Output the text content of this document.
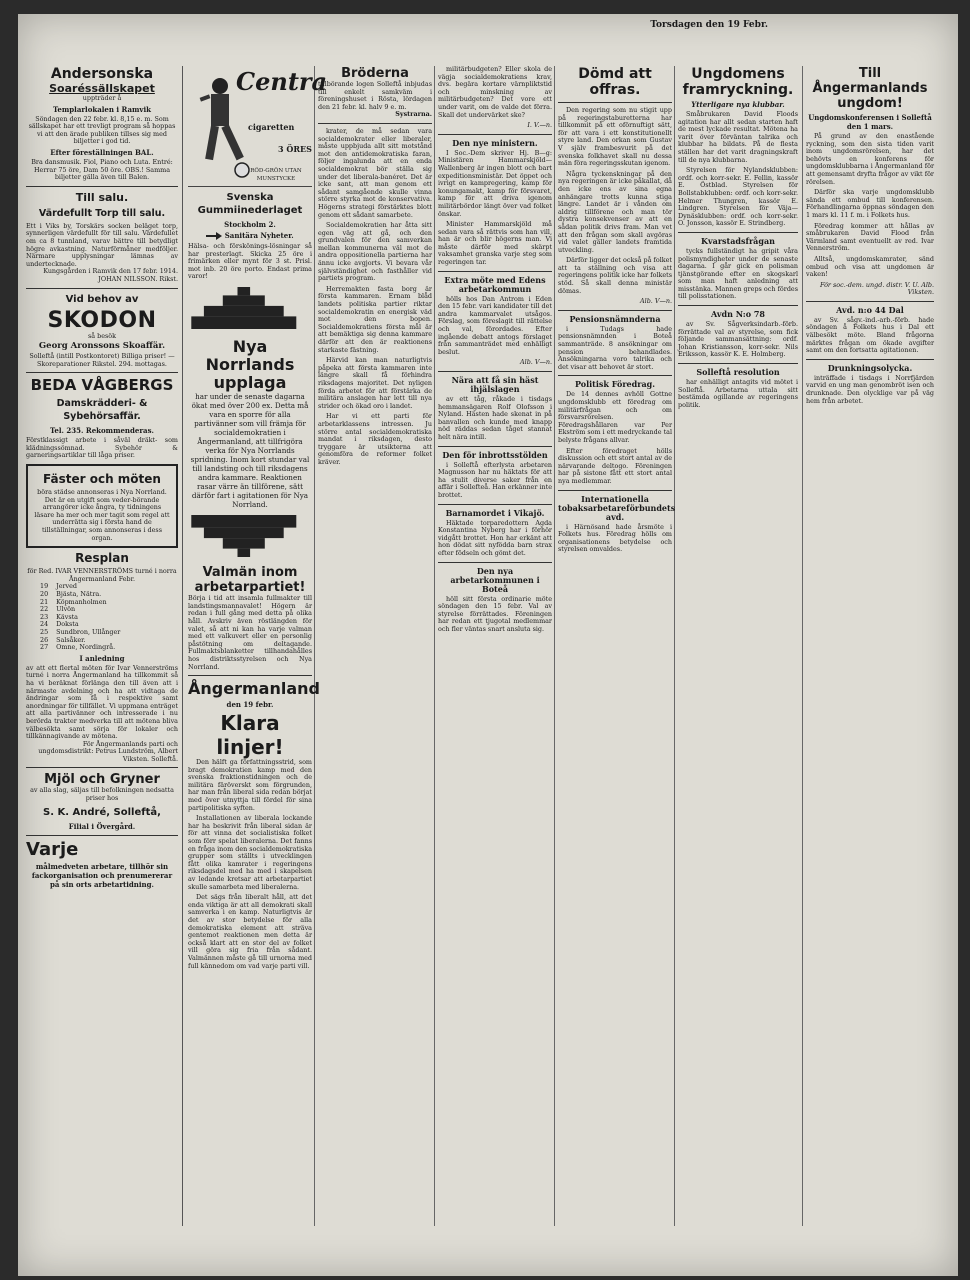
Torsdagen den 19 Febr.
Andersonska
Soaréssällskapet
uppträder å
Templarlokalen i Ramvik
Söndagen den 22 febr. kl. 8,15 e. m. Som sällskapet har ett trevligt program så hoppas vi att den ärade publiken tillses sig med biljetter i god tid.
Efter föreställningen BAL.
Bra dansmusik. Fiol, Piano och Luta. Entré: Herrar 75 öre, Dam 50 öre. OBS.! Samma biljetter gälla även till Balen.
Till salu.
Värdefullt Torp till salu.
Ett i Viks by, Torskärs socken beläget torp, synnerligen värdefullt för till salu. Värdefullet om ca 8 tunnland, varav bättre till betydligt högre avkastning. Naturförmåner medföljer. Närmare upplysningar lämnas av undertecknade.
Kungsgården i Ramvik den 17 febr. 1914. JOHAN NILSSON. Rikst.
Vid behov av
SKODON
så besök
Georg Aronssons Skoaffär.
Solleftå (intill Postkontoret) Billiga priser! — Skoreparationer Rikstel. 294. mottagas.
BEDA VÅGBERGS
Damskrädderi- & Sybehörsaffär.
Tel. 235. Rekommenderas.
Förstklassigt arbete i såväl dräkt- som klädningssömnad. Sybehör & garneringsartiklar till låga priser.
Fäster och möten
böra städse annonseras i Nya Norrland. Det är en utgift som veder-börande arrangörer icke ångra, ty tidningens läsare ha mer och mer tagit som regel att underrätta sig i första hand de tillställningar, som annonseras i dess organ.
Resplan
för Red. IVAR VENNERSTRÖMS turné i norra Ångermanland Febr.
19 Jerved
20 Bjästa, Nätra.
21 Köpmanholmen
22 Ulvön
23 Kävsta
24 Doksta
25 Sundbron, Ullånger
26 Salsåker.
27 Omne, Nordingrå.
I anledning
av att ett flertal möten för Ivar Vennerströms turné i norra Ångermanland ha tillkommit så ha vi beräknat förlänga den till även att i närmaste avdelning och ha att vidtaga de ändringar som få i respektive samt anordningar för tillfället. Vi uppmana enträget att alla partivänner och intresserade i nu berörda trakter medverka till att mötena bliva välbesökta samt sörja för lokaler och tillkännagivande av mötena.
För Ångermanlands parti och ungdomsdistrikt: Petrus Lundström, Albert Viksten. Solleftå.
Mjöl och Gryner
av alla slag, säljas till befolkningen nedsatta priser hos
S. K. André, Solleftå,
Filial i Övergård.
Varje
målmedveten arbetare, tillhör sin fackorganisation och prenumererar på sin orts arbetartidning.
Centra
cigaretten
3 ÖRES
RÖD-GRÖN UTAN MUNSTYCKE
Svenska Gummiinederlaget
Stockholm 2.
Sanitära Nyheter.
Hälsa- och förskönings-lösningar så har presterlagt. Skicka 25 öre i frimärken eller mynt för 3 st. Prisl. mot inb. 20 öre porto. Endast prima varor!
Nya Norrlands upplaga
har under de senaste dagarna ökat med över 200 ex. Detta må vara en sporre för alla partivänner som vill främja för socialdemokratien i Ångermanland, att tillfrigöra verka för Nya Norrlands spridning. Inom kort stundar val till landsting och till riksdagens andra kammare. Reaktionen rasar värre än tillförene, sätt därför fart i agitationen för Nya Norrland.
Valmän inom arbetarpartiet!
Börja i tid att insamla fullmakter till landstingsmannavalet! Högern är redan i full gång med detta på olika håll. Avskriv även röstlängden för valet, så att ni kan ha varje valman med ett valkuvert eller en personlig påstötning om deltagande. Fullmaktsblanketter tillhandahålles hos distriktsstyrelsen och Nya Norrland.
Ångermanland
den 19 febr.
Klara linjer!

Den hälft ga författningsstrid, som bragt demokratien kamp med den svenska fraktionstidningen och de militära färöverskt som förgrunden, har man från liberal sida redan börjat med över utnyttja till fördel för sina partipolitiska syften.

Installationen av liberala lockande har ha beskrivit från liberal sidan är för att vinna det socialistiska folket som förr spelat liberalerna. Det fanns en fråga inom den socialdemokratiska grupper som ställts i utvecklingen fått olika kamrater i regeringens riksdagsdel med ha med i skapelsen av ledande kretsar att arbetarpartiet skulle samarbeta med liberalerna.

Det sägs från liberalt håll, att det enda viktiga är att all demokrati skall samverka i en kamp. Naturligtvis är det av stor betydelse för alla demokratiska element att sträva gentemot reaktionen men detta är också klart att en stor del av folket vill göra sig fria från sådant. Valmännen måste gå till urnorna med full kännedom om vad varje parti vill.

Bröderna
tillbörande logen Solleftå inbjudas till enkelt samkväm i föreningshuset i Rösta, lördagen den 21 febr. kl. halv 9 e. m.
Systrarna.

krater, de må sedan vara socialdemokrater eller liberaler, måste uppbjuda allt sitt motstånd mot den antidemokratiska faran, följer ingalunda att en enda socialdemokrat bör ställa sig under det liberala-banéret. Det är icke sant, att man genom ett sådant samgående skulle vinna större styrka mot de konservativa. Högerns strategi förstärktes blott genom ett sådant samarbete.

Socialdemokratien har åtta sitt egen väg att gå, och den grundvalen för den samverkan mellan kommunerna väl mot de andra oppositionella partierna har ännu icke avgjorts. Vi bevara vår självständighet och fasthåller vid partiets program.

Herremakten fasta borg är första kammaren. Ernam blåd landets politiska partier riktar socialdemokratin en energisk väd mot den bopen. Socialdemokratiens första mål är att bemäktiga sig denna kammare därför att den är reaktionens starkaste fästning.

Härvid kan man naturligtvis påpeka att första kammaren inte längre skall få förhindra riksdagens majoritet. Det nyligen förda arbetet för att förstärka de militära anslagen har lett till nya strider och ökad oro i landet.

Har vi ett parti för arbetarklassens intressen. Ju större antal socialdemokratiska mandat i riksdagen, desto tryggare är utsikterna att genomföra de reformer folket kräver.

militärbudgeten? Eller skola de vägja socialdemokratiens krav, dvs. begära kortare värnpliktstid och minskning av militärbudgeten? Det vore ett under varit, om de valde det förra. Skall det undervärket ske?

I. V.—n.
Den nye ministern.

I Soc.-Dem skriver Hj. B—g: Ministären Hammarskjöld—Wallenberg är ingen blott och bart expeditionsministär. Det öppet och ivrigt en kampregering, kamp för konungamakt, kamp för försvaret, kamp för att driva igenom militärbördor längt över vad folket önskar.

Minister Hammarskjöld må sedan vara så rättvis som han vill, han är och blir högerns man. Vi måste därför med skärpt vaksamhet granska varje steg som regeringen tar.

Extra möte med Edens arbetarkommun

hölls hos Dan Antrom i Eden den 15 febr. vari kandidater till det andra kammarvalet utsågos. Förslag, som föreslagit till rättelse och val, förordades. Efter ingående debatt antogs förslaget från sammanträdet med enhälligt beslut.

Alb. V—n.
Nära att få sin häst ihjälslagen

av ett tåg, råkade i tisdags hemmansägaren Rolf Olofsson i Nyland. Hästen hade skenat in på banvallen och kunde med knapp nöd räddas sedan tåget stannat helt nära intill.

Den för inbrottsstölden

i Solleftå efterlysta arbetaren Magnusson har nu häktats för att ha stulit diverse saker från en affär i Sollefteå. Han erkänner inte brottet.

Barnamordet i Vikajö.

Häktade torparedottern Agda Konstantina Nyberg har i förhör vidgått brottet. Hon har erkänt att hon dödat sitt nyfödda barn strax efter födseln och gömt det.

Den nya arbetarkommunen i Boteå

höll sitt första ordinarie möte söndagen den 15 febr. Val av styrelse förrättades. Föreningen har redan ett tjugotal medlemmar och fler väntas snart ansluta sig.

Dömd att offras.

Den regering som nu stigit upp på regeringstaburetterna har tillkommit på ett oförnuftigt sätt, för att vara i ett konstitutionellt styre land. Den orkan som Gustav V själv frambesvurit på det svenska folkhavet skall nu dessa män föra regeringsskutan igenom.

Några tyckenskningar på den nya regeringen är icke påkallat, då den icke ens av sina egna anhängare trotts kunna stiga längre. Landet är i vånden om aldrig tillförene och man tör dystra konsekvenser av att en sådan politik drivs fram. Man vet att den frågan som skall avgöras vid valet gäller landets framtida utveckling.

Därför ligger det också på folket att ta ställning och visa att regeringens politik icke har folkets stöd. Så skall denna ministär dömas.

Alb. V—n.
Pensionsnämnderna

i Tudags hade pensionsnämnden i Boteå sammanträde. 8 ansökningar om pension behandlades. Ansökningarna voro talrika och det visar att behovet är stort.

Politisk Föredrag.

De 14 dennes avhöll Gottne ungdomsklubb ett föredrag om militärfrågan och om försvarsrörelsen. Föredragshållaren var Per Ekström som i ett medryckande tal belyste frågans allvar.

Efter föredraget hölls diskussion och ett stort antal av de närvarande deltogo. Föreningen har på sistone fått ett stort antal nya medlemmar.

Internationella tobaksarbetareförbundets avd.

i Härnösand hade årsmöte i Folkets hus. Föredrag hölls om organisationens betydelse och styrelsen omvaldes.

Ungdomens framryckning.
Ytterligare nya klubbar.

Småbrukaren David Floods agitation har allt sedan starten haft de mest lyckade resultat. Mötena ha varit över förväntan talrika och klubbar ha bildats. På de flesta ställen har det varit dragningskraft till de nya klubbarna.

Styrelsen för Nylandsklubben: ordf. och korr-sekr. E. Fellin, kassör E. Östblad. Styrelsen för Bollstabklubben: ordf. och korr-sekr. Helmer Thungren, kassör E. Lindgren. Styrelsen för Väja—Dynäsklubben: ordf. och korr-sekr. O. Jonsson, kassör E. Strindberg.

Kvarstadsfrågan

tycks fullständigt ha gripit våra polismyndigheter under de senaste dagarna. I går gick en polisman tjänstgörande efter en skogskarl som man haft anledning att misstänka. Mannen greps och fördes till polisstationen.

Avdn N:o 78

av Sv. Sågverksindarb.-förb. förrättade val av styrelse, som fick följande sammansättning: ordf. Johan Kristiansson, korr-sekr. Nils Eriksson, kassör K. E. Holmberg.

Solleftå resolution

har enhälligt antagits vid mötet i Solleftå. Arbetarna uttala sitt bestämda ogillande av regeringens politik.

Till Ångermanlands ungdom!
Ungdomskonferensen i Solleftå den 1 mars.

På grund av den enastående ryckning, som den sista tiden varit inom ungdomsrörelsen, har det behövts en konferens för ungdomsklubbarna i Ångermanland för att gemensamt dryfta frågor av vikt för rörelsen.

Därför ska varje ungdomsklubb sända ett ombud till konferensen. Förhandlingarna öppnas söndagen den 1 mars kl. 11 f. m. i Folkets hus.

Föredrag kommer att hållas av småbrukaren David Flood från Värmland samt eventuellt av red. Ivar Vennerström.

Alltså, ungdomskamrater, sänd ombud och visa att ungdomen är vaken!

För soc.-dem. ungd. distr. V. U. Alb. Viksten.
Avd. n:o 44 Dal

av Sv. sågv.-ind.-arb.-förb. hade söndagen å Folkets hus i Dal ett välbesökt möte. Bland frågorna märktes frågan om ökade avgifter samt om den fortsatta agitationen.

Drunkningsolycka.

inträffade i tisdags i Norrfjärden varvid en ung man genombröt isen och drunknade. Den olycklige var på väg hem från arbetet.
